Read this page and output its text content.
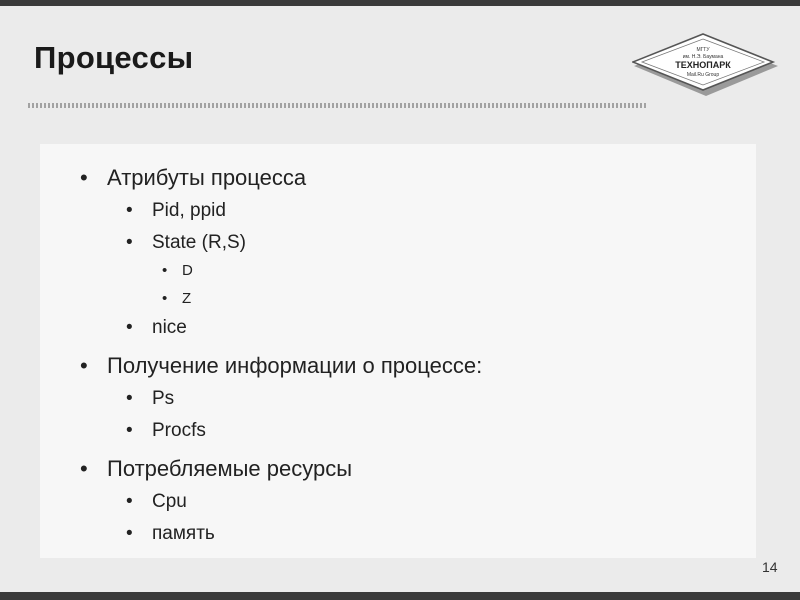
Процессы	МГТУ
им. Н.Э. Баумана
ТЕХНОПАРК
Mail.Ru Group
• Атрибуты процесса
• Pid, ppid
• State (R,S)
• D
• Z
• nice
• Получение информации о процессе:
• Ps
• Procfs
• Потребляемые ресурсы
• Cpu
• память
14
